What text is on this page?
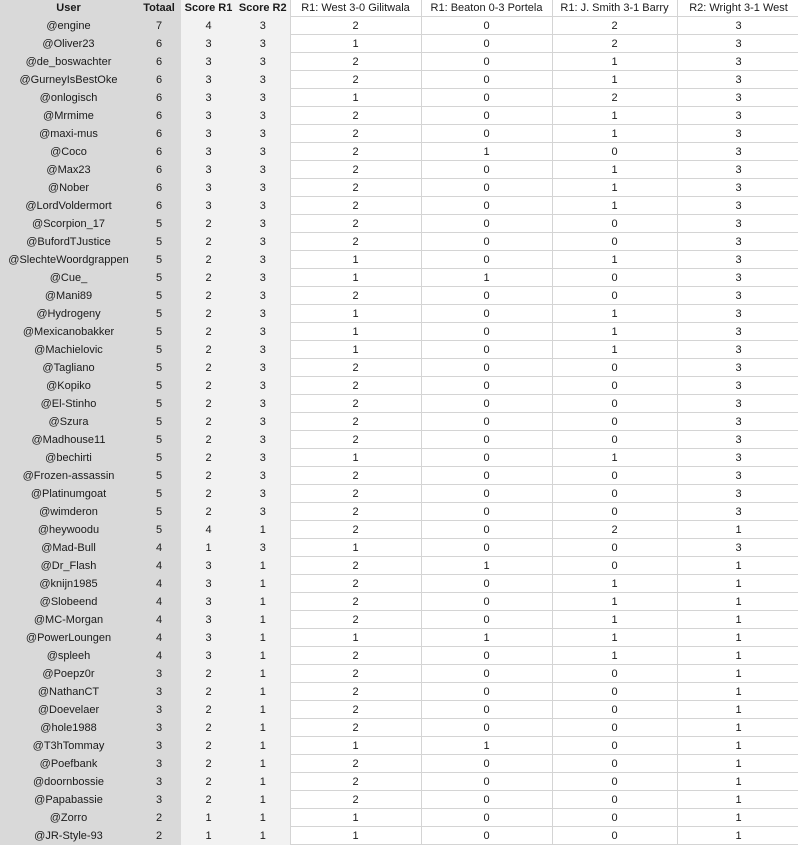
User	Totaal	Score R1	Score R2	R1: West 3-0 Gilitwala	R1: Beaton 0-3 Portela	R1: J. Smith 3-1 Barry	R2: Wright 3-1 West
@engine	7	4	3	2	0	2	3
@Oliver23	6	3	3	1	0	2	3
@de_boswachter	6	3	3	2	0	1	3
@GurneyIsBestOke	6	3	3	2	0	1	3
@onlogisch	6	3	3	1	0	2	3
@Mrmime	6	3	3	2	0	1	3
@maxi-mus	6	3	3	2	0	1	3
@Coco	6	3	3	2	1	0	3
@Max23	6	3	3	2	0	1	3
@Nober	6	3	3	2	0	1	3
@LordVoldermort	6	3	3	2	0	1	3
@Scorpion_17	5	2	3	2	0	0	3
@BufordTJustice	5	2	3	2	0	0	3
@SlechteWoordgrappen	5	2	3	1	0	1	3
@Cue_	5	2	3	1	1	0	3
@Mani89	5	2	3	2	0	0	3
@Hydrogeny	5	2	3	1	0	1	3
@Mexicanobakker	5	2	3	1	0	1	3
@Machielovic	5	2	3	1	0	1	3
@Tagliano	5	2	3	2	0	0	3
@Kopiko	5	2	3	2	0	0	3
@El-Stinho	5	2	3	2	0	0	3
@Szura	5	2	3	2	0	0	3
@Madhouse11	5	2	3	2	0	0	3
@bechirti	5	2	3	1	0	1	3
@Frozen-assassin	5	2	3	2	0	0	3
@Platinumgoat	5	2	3	2	0	0	3
@wimderon	5	2	3	2	0	0	3
@heywoodu	5	4	1	2	0	2	1
@Mad-Bull	4	1	3	1	0	0	3
@Dr_Flash	4	3	1	2	1	0	1
@knijn1985	4	3	1	2	0	1	1
@Slobeend	4	3	1	2	0	1	1
@MC-Morgan	4	3	1	2	0	1	1
@PowerLoungen	4	3	1	1	1	1	1
@spleeh	4	3	1	2	0	1	1
@Poepz0r	3	2	1	2	0	0	1
@NathanCT	3	2	1	2	0	0	1
@Doevelaer	3	2	1	2	0	0	1
@hole1988	3	2	1	2	0	0	1
@T3hTommay	3	2	1	1	1	0	1
@Poefbank	3	2	1	2	0	0	1
@doornbossie	3	2	1	2	0	0	1
@Papabassie	3	2	1	2	0	0	1
@Zorro	2	1	1	1	0	0	1
@JR-Style-93	2	1	1	1	0	0	1
